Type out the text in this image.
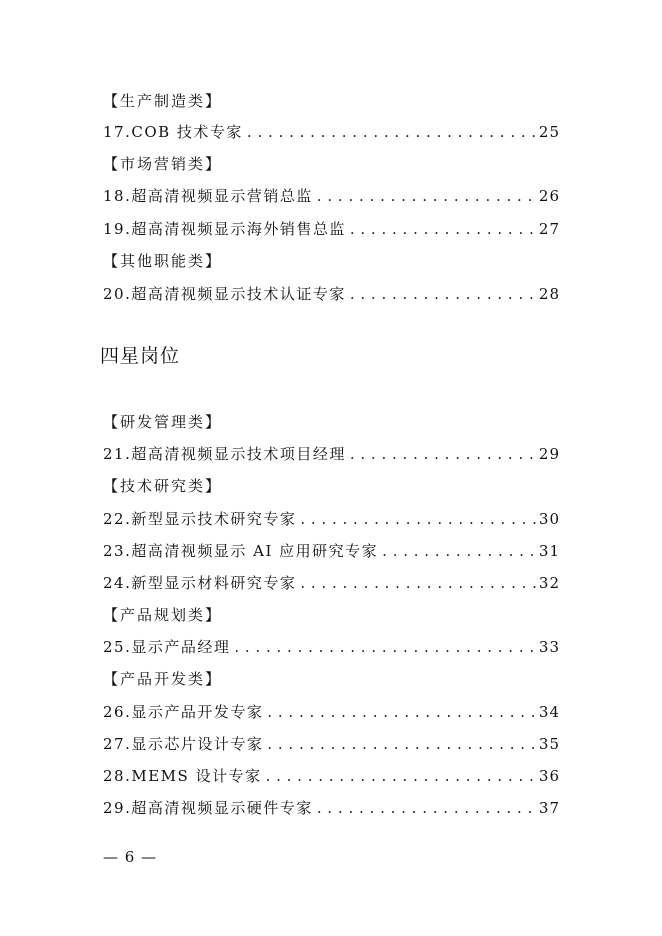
【生产制造类】
17.COB 技术专家 . . .	25
【市场营销类】
18.超高清视频显示营销总监 . . .	26
19.超高清视频显示海外销售总监 . . .	27
【其他职能类】
20.超高清视频显示技术认证专家 . . .	28
四星岗位
【研发管理类】
21.超高清视频显示技术项目经理 . . .	29
【技术研究类】
22.新型显示技术研究专家 . . .	30
23.超高清视频显示 AI 应用研究专家 . . .	31
24.新型显示材料研究专家 . . .	32
【产品规划类】
25.显示产品经理 . . .	33
【产品开发类】
26.显示产品开发专家 . . .	34
27.显示芯片设计专家 . . .	35
28.MEMS 设计专家 . . .	36
29.超高清视频显示硬件专家 . . .	37
— 6 —
